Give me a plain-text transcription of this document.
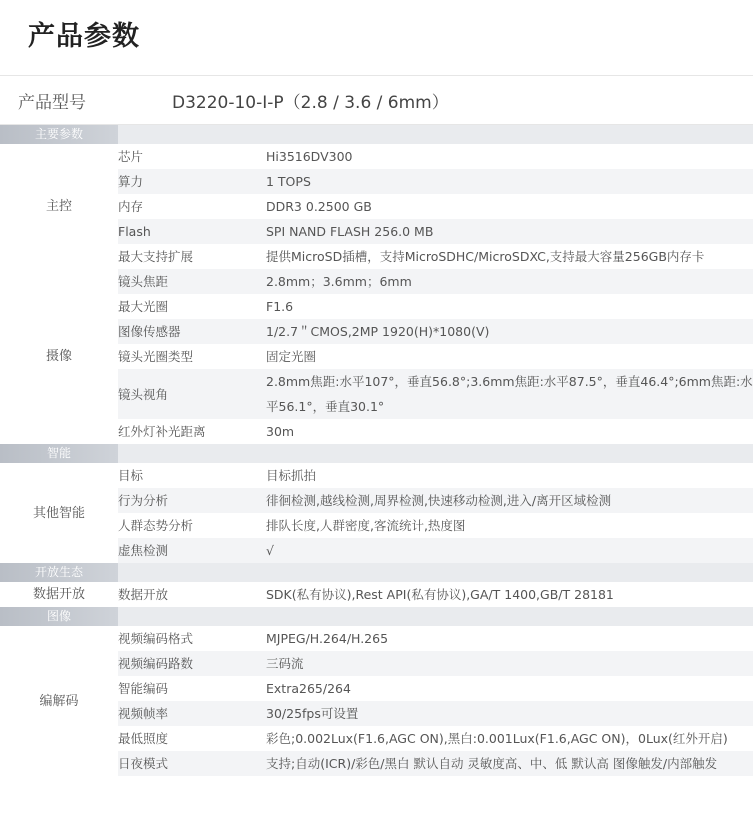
产品参数
产品型号	D3220-10-I-P（2.8 / 3.6 / 6mm）
主要参数		
主控	芯片	Hi3516DV300
	算力	1 TOPS
	内存	DDR3 0.2500 GB
	Flash	SPI NAND FLASH 256.0 MB
	最大支持扩展	提供MicroSD插槽，支持MicroSDHC/MicroSDXC,支持最大容量256GB内存卡
摄像	镜头焦距	2.8mm；3.6mm；6mm
	最大光圈	F1.6
	图像传感器	1/2.7＂CMOS,2MP 1920(H)*1080(V)
	镜头光圈类型	固定光圈
	镜头视角	2.8mm焦距:水平107°，垂直56.8°;3.6mm焦距:水平87.5°，垂直46.4°;6mm焦距:水平56.1°，垂直30.1°
	红外灯补光距离	30m
智能		
其他智能	目标	目标抓拍
	行为分析	徘徊检测,越线检测,周界检测,快速移动检测,进入/离开区域检测
	人群态势分析	排队长度,人群密度,客流统计,热度图
	虚焦检测	√
开放生态		
数据开放	数据开放	SDK(私有协议),Rest API(私有协议),GA/T 1400,GB/T 28181
图像		
编解码	视频编码格式	MJPEG/H.264/H.265
	视频编码路数	三码流
	智能编码	Extra265/264
	视频帧率	30/25fps可设置
	最低照度	彩色;0.002Lux(F1.6,AGC ON),黑白:0.001Lux(F1.6,AGC ON)，0Lux(红外开启)
	日夜模式	支持;自动(ICR)/彩色/黑白 默认自动 灵敏度高、中、低 默认高 图像触发/内部触发
